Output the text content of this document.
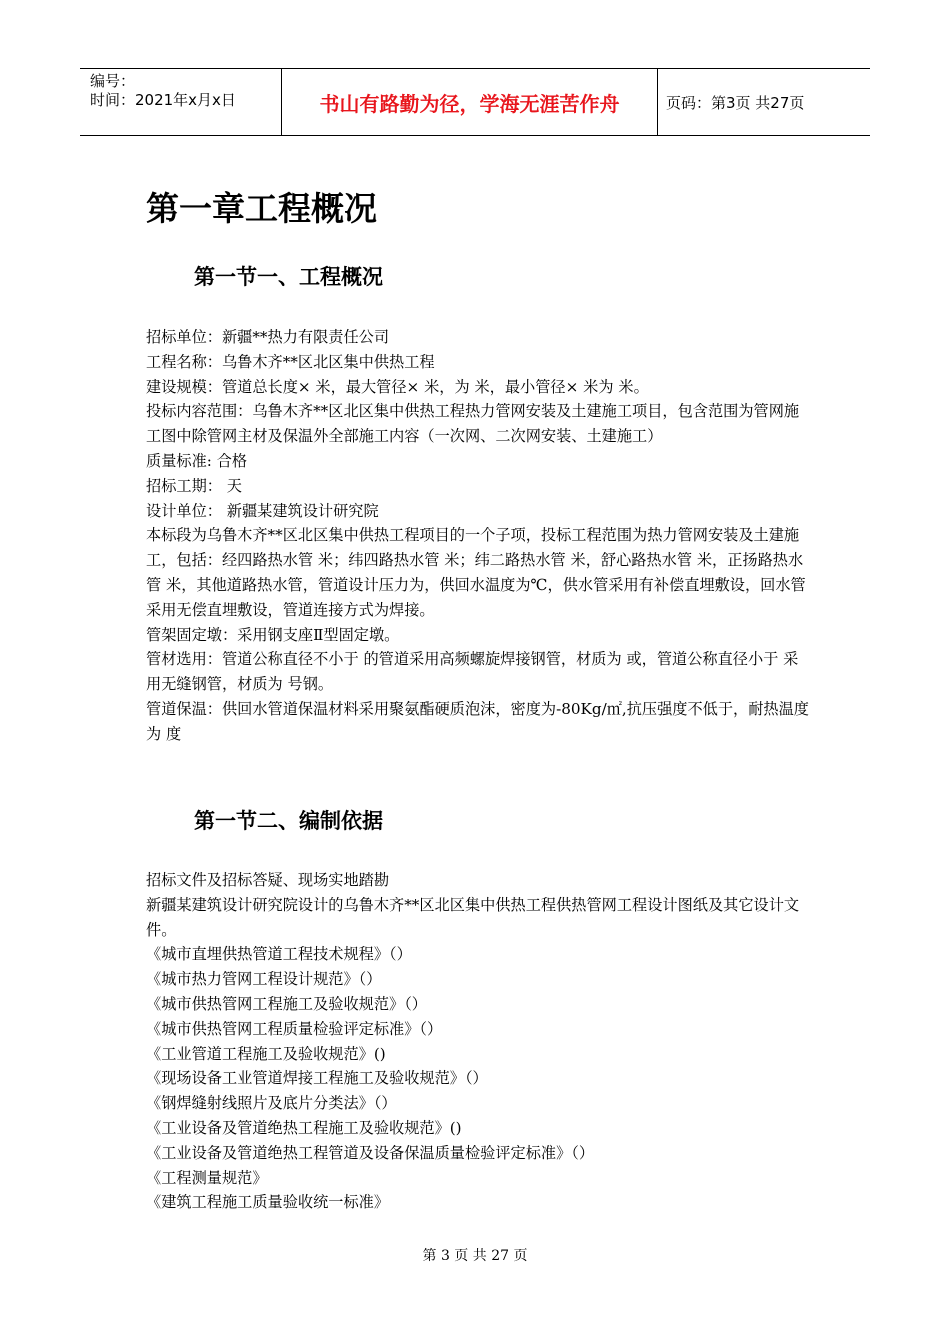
编号：
时间：2021年x月x日	书山有路勤为径，学海无涯苦作舟	页码：第3页 共27页
第一章工程概况
第一节一、工程概况

招标单位：新疆**热力有限责任公司

工程名称：乌鲁木齐**区北区集中供热工程

建设规模：管道总长度× 米，最大管径× 米，为 米，最小管径× 米为 米。

投标内容范围：乌鲁木齐**区北区集中供热工程热力管网安装及土建施工项目，包含范围为管网施工图中除管网主材及保温外全部施工内容（一次网、二次网安装、土建施工）

质量标准: 合格

招标工期： 天

设计单位： 新疆某建筑设计研究院

本标段为乌鲁木齐**区北区集中供热工程项目的一个子项，投标工程范围为热力管网安装及土建施工，包括：经四路热水管 米；纬四路热水管 米；纬二路热水管 米，舒心路热水管 米，正扬路热水管 米，其他道路热水管，管道设计压力为，供回水温度为℃，供水管采用有补偿直埋敷设，回水管采用无偿直埋敷设，管道连接方式为焊接。

管架固定墩：采用钢支座Ⅱ型固定墩。

管材选用：管道公称直径不小于 的管道采用高频螺旋焊接钢管，材质为 或，管道公称直径小于 采用无缝钢管，材质为 号钢。

管道保温：供回水管道保温材料采用聚氨酯硬质泡沫，密度为-80Kg/㎡,抗压强度不低于，耐热温度为 度

第一节二、编制依据

招标文件及招标答疑、现场实地踏勘

新疆某建筑设计研究院设计的乌鲁木齐**区北区集中供热工程供热管网工程设计图纸及其它设计文件。

《城市直埋供热管道工程技术规程》（）

《城市热力管网工程设计规范》（）

《城市供热管网工程施工及验收规范》（）

《城市供热管网工程质量检验评定标准》（）

《工业管道工程施工及验收规范》()

《现场设备工业管道焊接工程施工及验收规范》（）

《钢焊缝射线照片及底片分类法》（）

《工业设备及管道绝热工程施工及验收规范》()

《工业设备及管道绝热工程管道及设备保温质量检验评定标准》（）

《工程测量规范》

《建筑工程施工质量验收统一标准》

第 3 页 共 27 页
